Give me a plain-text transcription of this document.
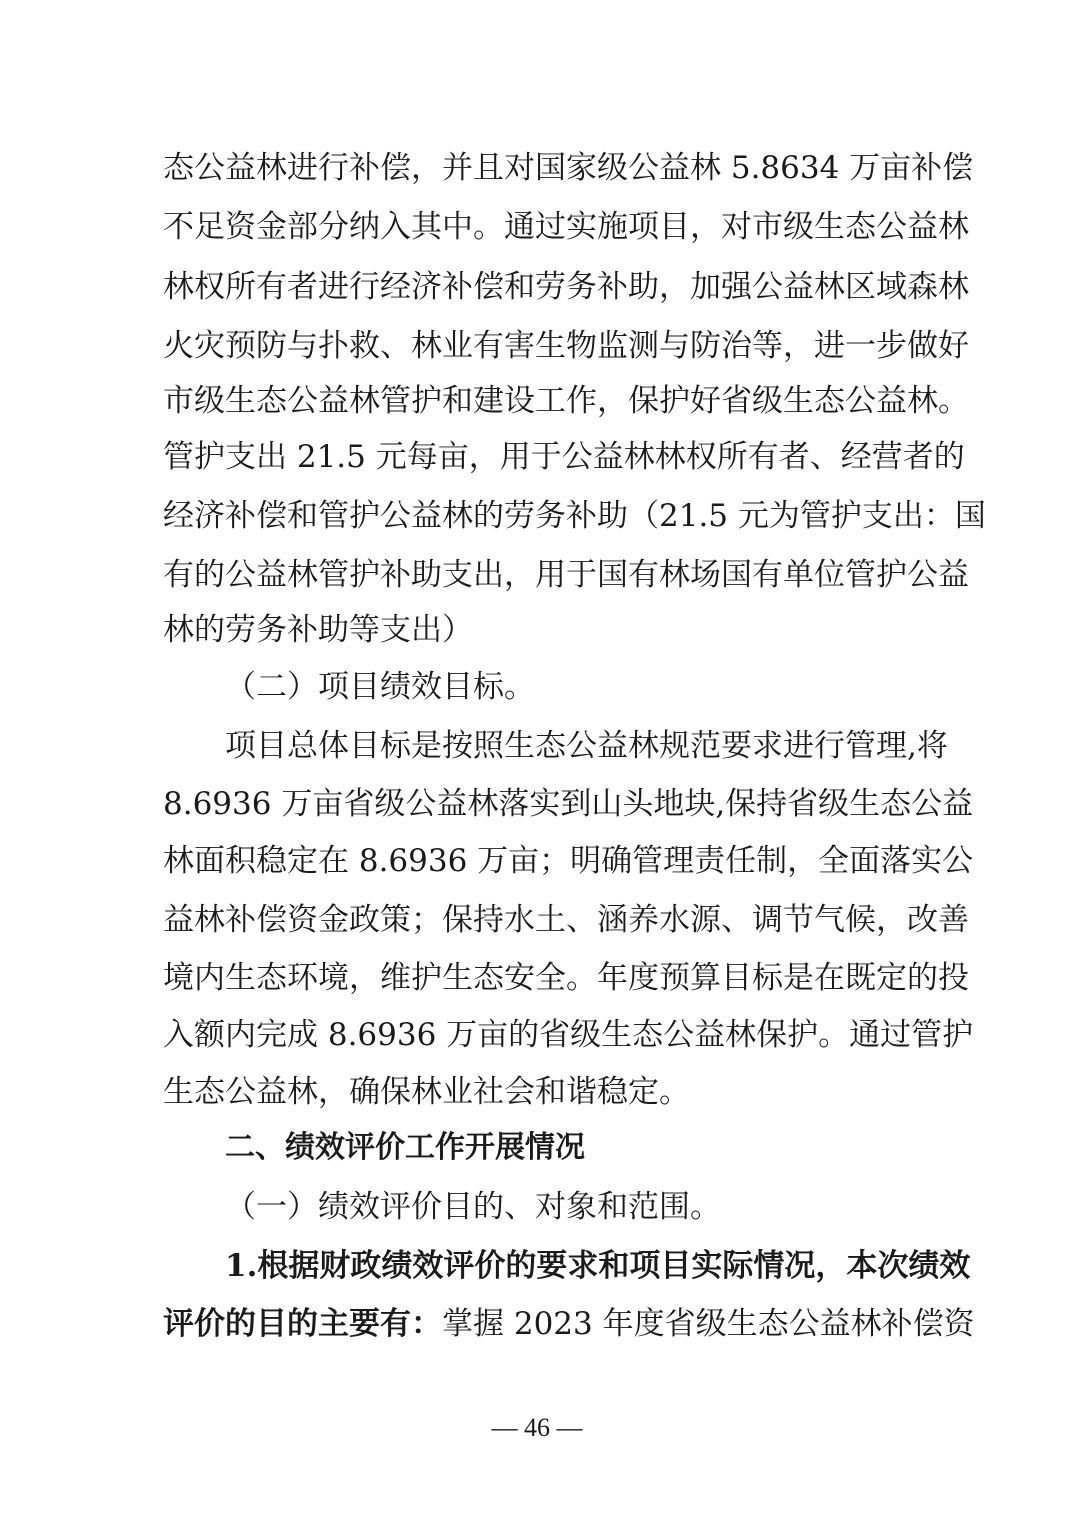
态公益林进行补偿，并且对国家级公益林 5.8634 万亩补偿
不足资金部分纳入其中。通过实施项目，对市级生态公益林
林权所有者进行经济补偿和劳务补助，加强公益林区域森林
火灾预防与扑救、林业有害生物监测与防治等，进一步做好
市级生态公益林管护和建设工作，保护好省级生态公益林。
管护支出 21.5 元每亩，用于公益林林权所有者、经营者的
经济补偿和管护公益林的劳务补助（21.5 元为管护支出：国
有的公益林管护补助支出，用于国有林场国有单位管护公益
林的劳务补助等支出）
（二）项目绩效目标。
项目总体目标是按照生态公益林规范要求进行管理,将
8.6936 万亩省级公益林落实到山头地块,保持省级生态公益
林面积稳定在 8.6936 万亩；明确管理责任制，全面落实公
益林补偿资金政策；保持水土、涵养水源、调节气候，改善
境内生态环境，维护生态安全。年度预算目标是在既定的投
入额内完成 8.6936 万亩的省级生态公益林保护。通过管护
生态公益林，确保林业社会和谐稳定。
二、绩效评价工作开展情况
（一）绩效评价目的、对象和范围。
1.根据财政绩效评价的要求和项目实际情况，本次绩效
评价的目的主要有： 掌握 2023 年度省级生态公益林补偿资
— 46 —
